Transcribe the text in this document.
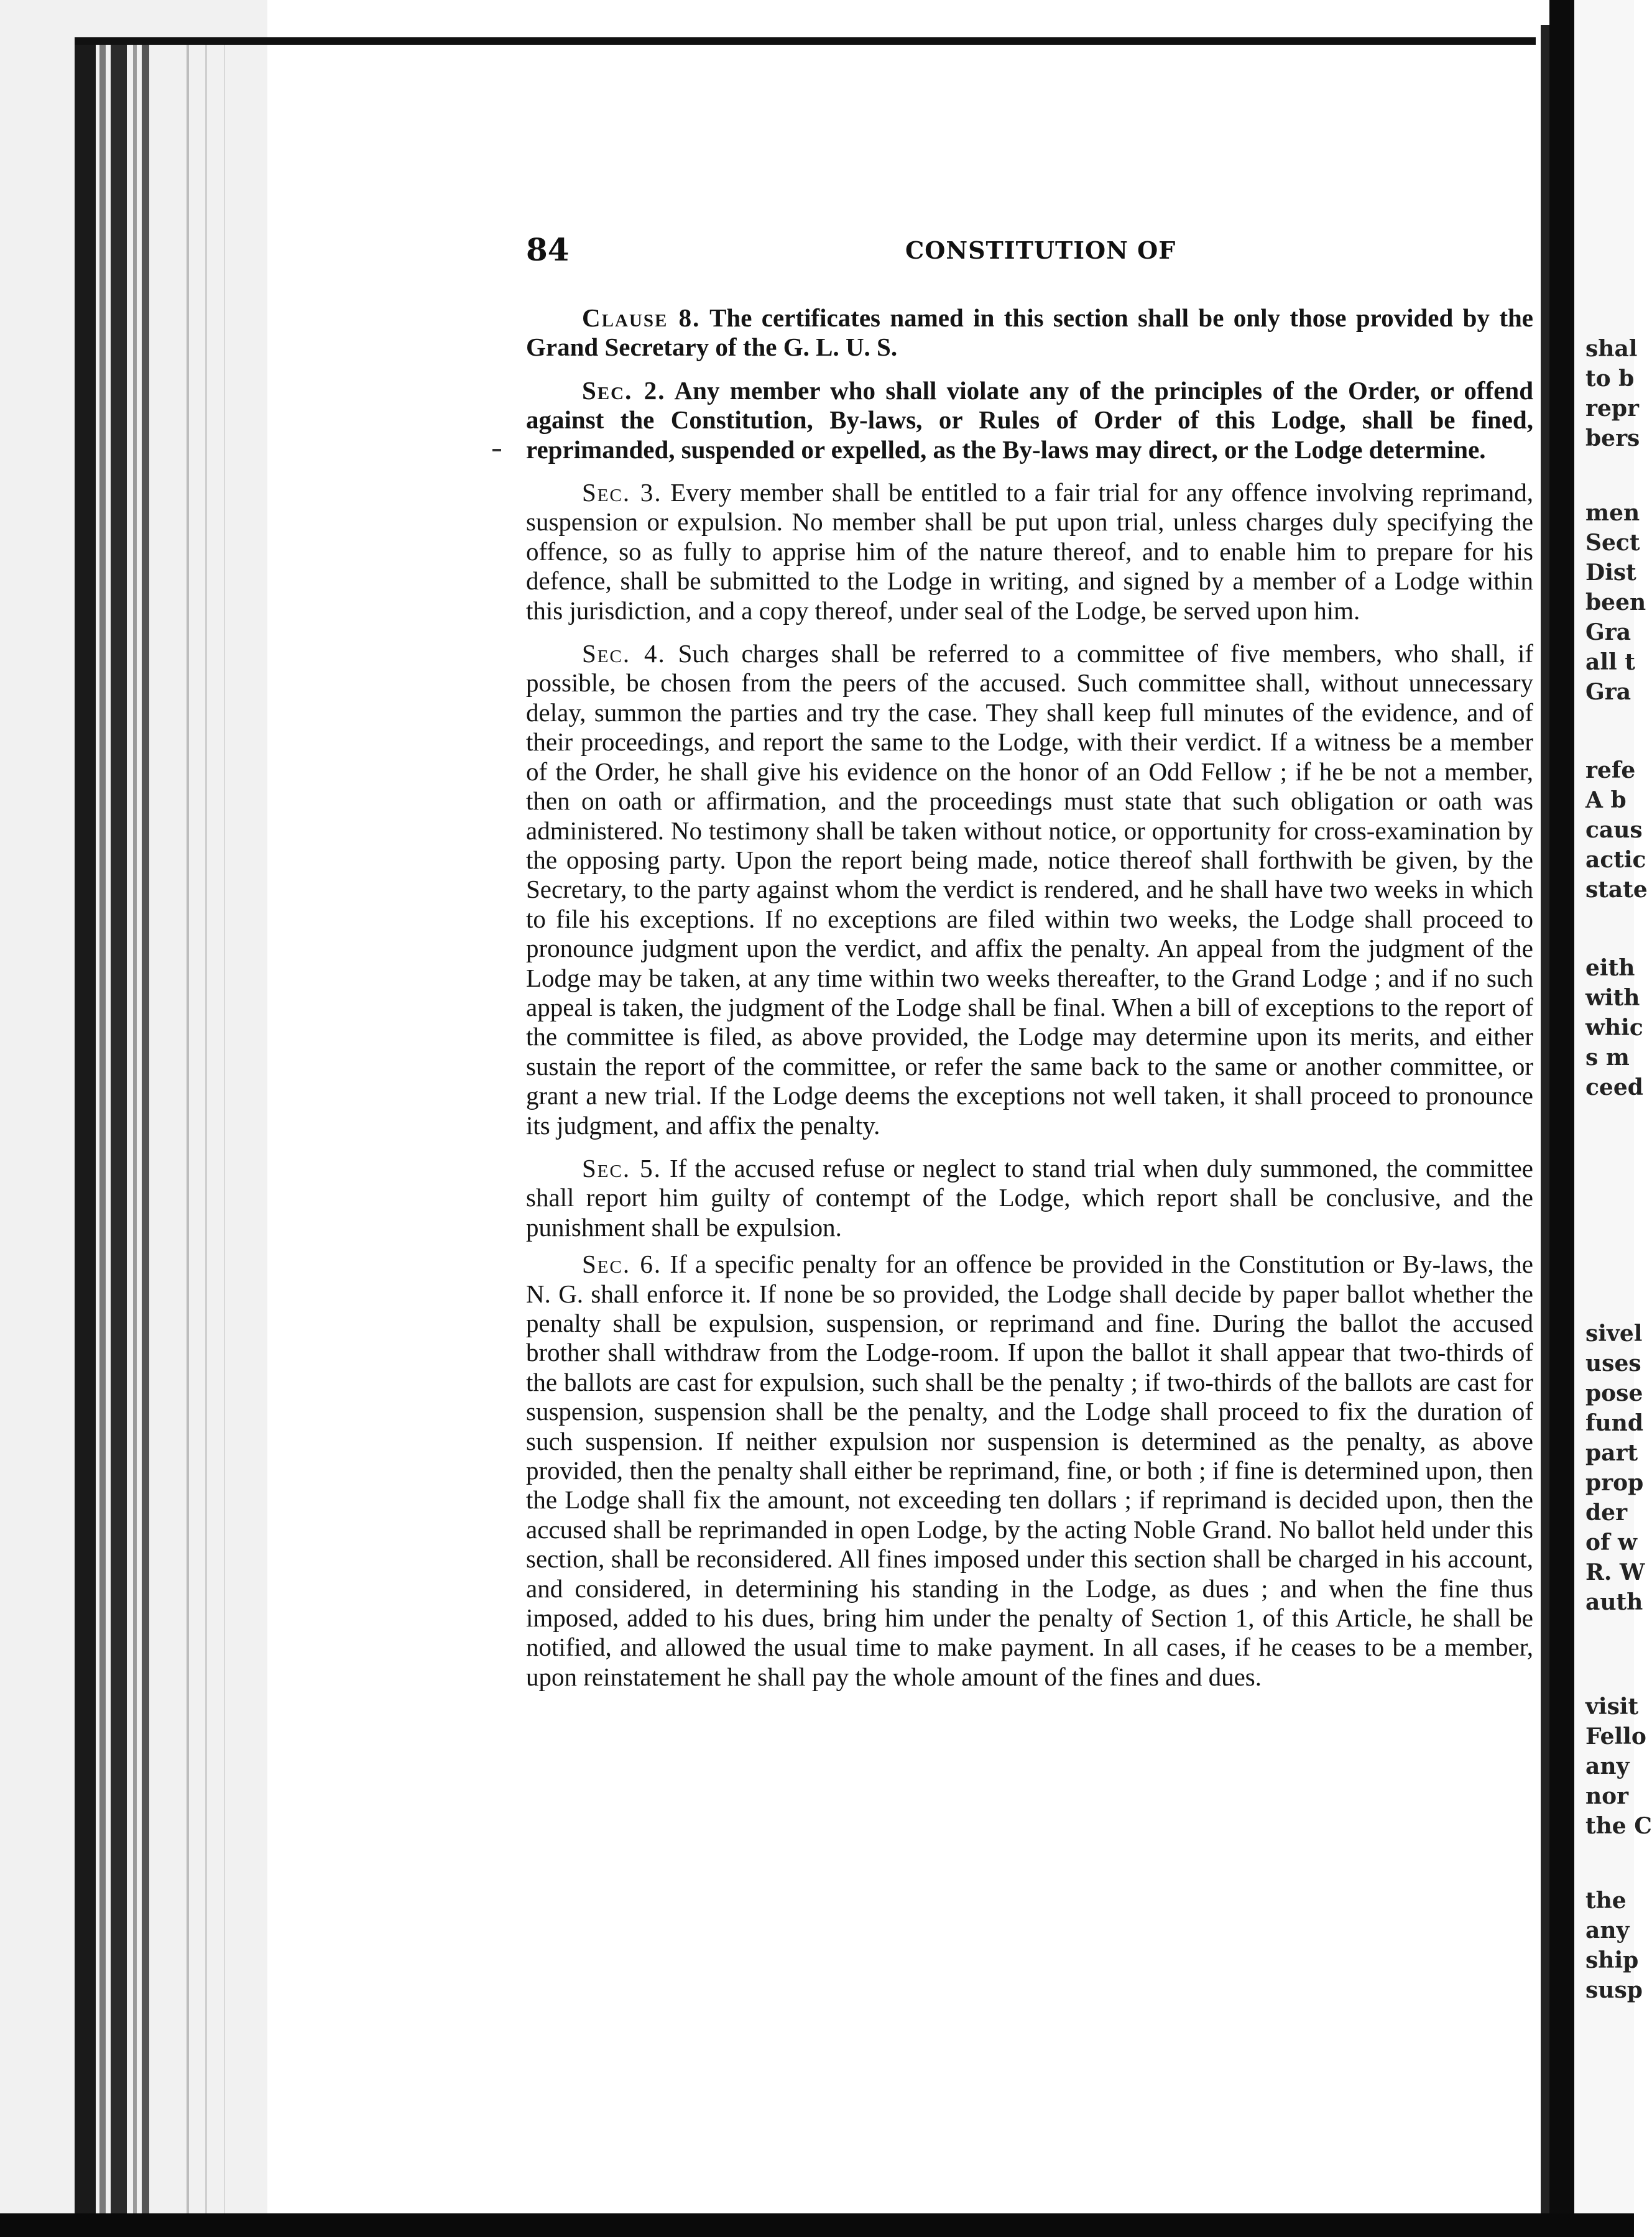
84	CONSTITUTION OF

Clause 8. The certificates named in this section shall be only those provided by the Grand Secretary of the G. L. U. S.

Sec. 2. Any member who shall violate any of the principles of the Order, or offend against the Constitution, By-laws, or Rules of Order of this Lodge, shall be fined, reprimanded, suspended or expelled, as the By-laws may direct, or the Lodge determine.

Sec. 3. Every member shall be entitled to a fair trial for any offence involving reprimand, suspension or expulsion. No member shall be put upon trial, unless charges duly specifying the offence, so as fully to apprise him of the nature thereof, and to enable him to prepare for his defence, shall be submitted to the Lodge in writing, and signed by a member of a Lodge within this jurisdiction, and a copy thereof, under seal of the Lodge, be served upon him.

Sec. 4. Such charges shall be referred to a committee of five members, who shall, if possible, be chosen from the peers of the accused. Such committee shall, without unnecessary delay, summon the parties and try the case. They shall keep full minutes of the evidence, and of their proceedings, and report the same to the Lodge, with their verdict. If a witness be a member of the Order, he shall give his evidence on the honor of an Odd Fellow ; if he be not a member, then on oath or affirmation, and the proceedings must state that such obligation or oath was administered. No testimony shall be taken without notice, or opportunity for cross-examination by the opposing party. Upon the report being made, notice thereof shall forthwith be given, by the Secretary, to the party against whom the verdict is rendered, and he shall have two weeks in which to file his exceptions. If no exceptions are filed within two weeks, the Lodge shall proceed to pronounce judgment upon the verdict, and affix the penalty. An appeal from the judgment of the Lodge may be taken, at any time within two weeks thereafter, to the Grand Lodge ; and if no such appeal is taken, the judgment of the Lodge shall be final. When a bill of exceptions to the report of the committee is filed, as above provided, the Lodge may determine upon its merits, and either sustain the report of the committee, or refer the same back to the same or another committee, or grant a new trial. If the Lodge deems the exceptions not well taken, it shall proceed to pronounce its judgment, and affix the penalty.

Sec. 5. If the accused refuse or neglect to stand trial when duly summoned, the committee shall report him guilty of contempt of the Lodge, which report shall be conclusive, and the punishment shall be expulsion.

Sec. 6. If a specific penalty for an offence be provided in the Constitution or By-laws, the N. G. shall enforce it. If none be so provided, the Lodge shall decide by paper ballot whether the penalty shall be expulsion, suspension, or reprimand and fine. During the ballot the accused brother shall withdraw from the Lodge-room. If upon the ballot it shall appear that two-thirds of the ballots are cast for expulsion, such shall be the penalty ; if two-thirds of the ballots are cast for suspension, suspension shall be the penalty, and the Lodge shall proceed to fix the duration of such suspension. If neither expulsion nor suspension is determined as the penalty, as above provided, then the penalty shall either be reprimand, fine, or both ; if fine is determined upon, then the Lodge shall fix the amount, not exceeding ten dollars ; if reprimand is decided upon, then the accused shall be reprimanded in open Lodge, by the acting Noble Grand. No ballot held under this section, shall be reconsidered. All fines imposed under this section shall be charged in his account, and considered, in determining his standing in the Lodge, as dues ; and when the fine thus imposed, added to his dues, bring him under the penalty of Section 1, of this Article, he shall be notified, and allowed the usual time to make payment. In all cases, if he ceases to be a member, upon reinstatement he shall pay the whole amount of the fines and dues.

shal
to b
repr
bers
men
Sect
Dist
been
Gra
all t
Gra
refe
A b
caus
actic
state
eith
with
whic
s m
ceed
sivel
uses
pose
fund
part
prop
der
of w
R. W
auth
visit
Fello
any
nor
the C
the
any
ship
susp
